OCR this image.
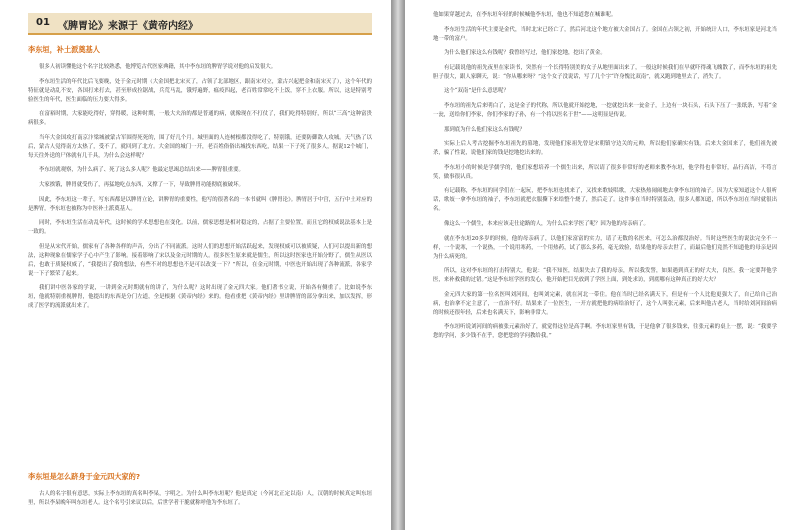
01 《脾胃论》来源于《黄帝内经》
李东垣，补土派奠基人

很多人初读懂他这个名字比较熟悉，他博览古代医家典籍，其中李东垣的脾胃学说对他的启发很大。

李东垣生活的年代比后飞要晚，处于金元时期（大金国把北宋灭了，占领了北部地区，跟南宋对立，蒙古兴起把金和南宋灭了），这个年代的特征就是动乱不安，各国打来打去，甚至形成拉锯战，兵荒马乱，饿殍遍野，瘟疫四起，老百姓常常吃不上饭，穿不上衣服。所以，这是特别考验医生的年代，医生面临的压力要大得多。

在富裕时期，大家能吃得好，穿得暖，这种时期，一般大夫治的都是普通的病，就像现在不打仗了，我们吃得特别好，所以“三高”这种富贵病很多。

当年大金国攻打南京汴梁城被蒙古军围得死死的，围了好几个月。城里面的人连树根都没得吃了，特别饿，还要防御敌人攻城。天气热了以后，蒙古人觉得南方太热了，受不了，就回到了北方。大金国的城门一开，老百姓俗俗出城找东西吃，结果一下子死了很多人，据说12个城门，每天往外送的尸体就有几千具，为什么会这样呢？

李东垣就观察，为什么病了、死了这么多人呢？他最定思竭总结出来——脾胃很重要。

大家挨饿，脾胃就受伤了，再猛地吃点东西，又撑了一下，导致脾胃功能彻底被破坏。

因此，李东垣这一辈子，写东西都是以脾胃立论，讲脾胃的重要性，他写的很著名的一本书就叫《脾胃论》。脾胃居于中宫，五行中土对应的是脾胃，李东垣也被称为中医补土派奠基人。

同时，李东垣生活在动乱年代，这时候的学术思想也在变化。以前，儒家思想是相对稳定的，占据了主要位置，而且它的权威说法基本上是一致的。

但是从宋代开始，儒家有了各种各样的声音，分出了不同流派。这时人们的思想开始活跃起来，发现权威可以被质疑，人们可以提出新的想法，这种现象在儒家学子心中产生了影响。接着影响了宋以及金元时期的人。很多医生原来就是儒生，所以这时医家也开始分野了，儒生从医以后，也敢于质疑权威了，“我提出了我的想法，有些不对的思想也不是可以改变一下？”所以，在金元时期，中医也开始出现了各种流派，各家学说一下子繁荣了起来。

我们讲中医各家的学说，一讲到金元时期就有的讲了，为什么呢？这时出现了金元四大家。他们著书立说，开始各有侧重了。比如说李东垣，他就特别重视脾胃，他提出的东西是分门左道，全是根据《黄帝内经》来的。他看重把《黄帝内经》里讲脾胃的部分拿出来，加以发挥，形成了医学的流派就出来了。

李东垣是怎么跻身于金元四大家的?

古人的名字很有意思，实际上李东垣的真名叫李杲，字明之。为什么叫李东垣呢？他是真定（今河北正定以南）人，汉朝的时候真定叫东垣里，所以李杲晚年叫东垣老人。这个名号引来议以后，后世学者干脆就称呼他为李东垣了。

他如果穿越过去，在李东垣年轻的时候喊他李东垣，他也不知道您在喊谁呢。

李东垣生活的年代主要是金代，当时北宋已经亡了，然后河北这个地方被大金国占了。金国在占领之初，开始统计人口，李东垣家是河北当地一带的富户。

为什么他们家这么有钱呢？我曾经写过，他们家挖地，挖出了黄金。

有记载说他的祖先夜里在家读书，突然有一个长得特别美的女子从地里面出来了，一般这时候我们在早就吓得魂飞魄散了，而李东垣的祖先胆子很大，跟人家聊天，说：“你从哪来呀？”这个女子没说话，写了几个字“许身愧比双南”，就又跑到地里去了，消失了。

这个“双南”是什么意思呢？

李东垣的祖先后来明白了，这是金子的代称，所以他就开始挖地，一挖就挖出来一瓮金子，上边有一块石头，石头下压了一张纸条，写着“金一瓮，送给你们李家，你们李家的子孙，有一个将以医名于世”——这明显是传说。

那到底为什么他们家这么有钱呢？

实际上后人考古挖掘李东垣祖先的墓地，发现他们家祖先曾是宋朝镇守边关的元帅，所以他们家确实有钱。后来大金国来了，他们祖先被杀，骗了性说，说他们家的钱是挖地挖出来的。

李东垣小的时候是学儒学的，他们家想培养一个儒生出来，所以请了很多非常好的老师来教李东垣，他学得也非常好，品行高洁，不苟言笑，做事很认真。

有记载称，李东垣的同学们在一起玩，把李东垣也找来了，又找来歌妓唱歌，大家热热闹闹地去拿李东垣的袖子。因为大家知道这个人很听话，歌妓一拿李东垣的袖子，李东垣就把衣服撕下来给整个烧了，然后走了。这件事在当时特别轰动，很多人都知道，所以李东垣在当时就很出名。

像这么一个儒生，本来应该走仕途路的人，为什么后来学医了呢？因为他的母亲病了。

就在李东垣20多岁的时候，他的母亲病了，以他们家富富的实力，请了无数的名医来，可怎么治都没治好。当时这些医生的说法完全不一样，一个说寒，一个说热，一个说用寒药，一个用热药，试了那么多药，毫无效验，结果他的母亲去世了，而最后他们竟然不知道他的母亲是因为什么病死的。

所以，这对李东垣的打击特别大，他说：“我不知医，结果失去了我的母亲，所以我发誓，如果遇到真正的好大夫，良医，我一定要拜他学医，来补救我的过错。”这是李东垣学医的发心，他开始把目光放到了学医上面，到处求访，到底哪有这种真正的好大夫？

金元四大家的第一位名医叫刘河间，也叫刘完素，就在河北一带住。他在当时已经名满天下，但是有一个人比他更强大了，自己给自己治病，也治拿不定主意了，一直治不好。结果来了一位医生，一开方就把他的病给治好了，这个人叫张元素，后来叫他古老人，当时给刘河间治病的时候还很年轻，后来也名满天下，影响非常大。

李东垣听说刘河间的病被张元素治好了，就觉得这位是高手啊。李东垣家里有钱，于是他拿了很多钱来，往张元素的桌上一摆，说：“我要学您的学问，多少钱不在乎，您把您的学问教给我。”
